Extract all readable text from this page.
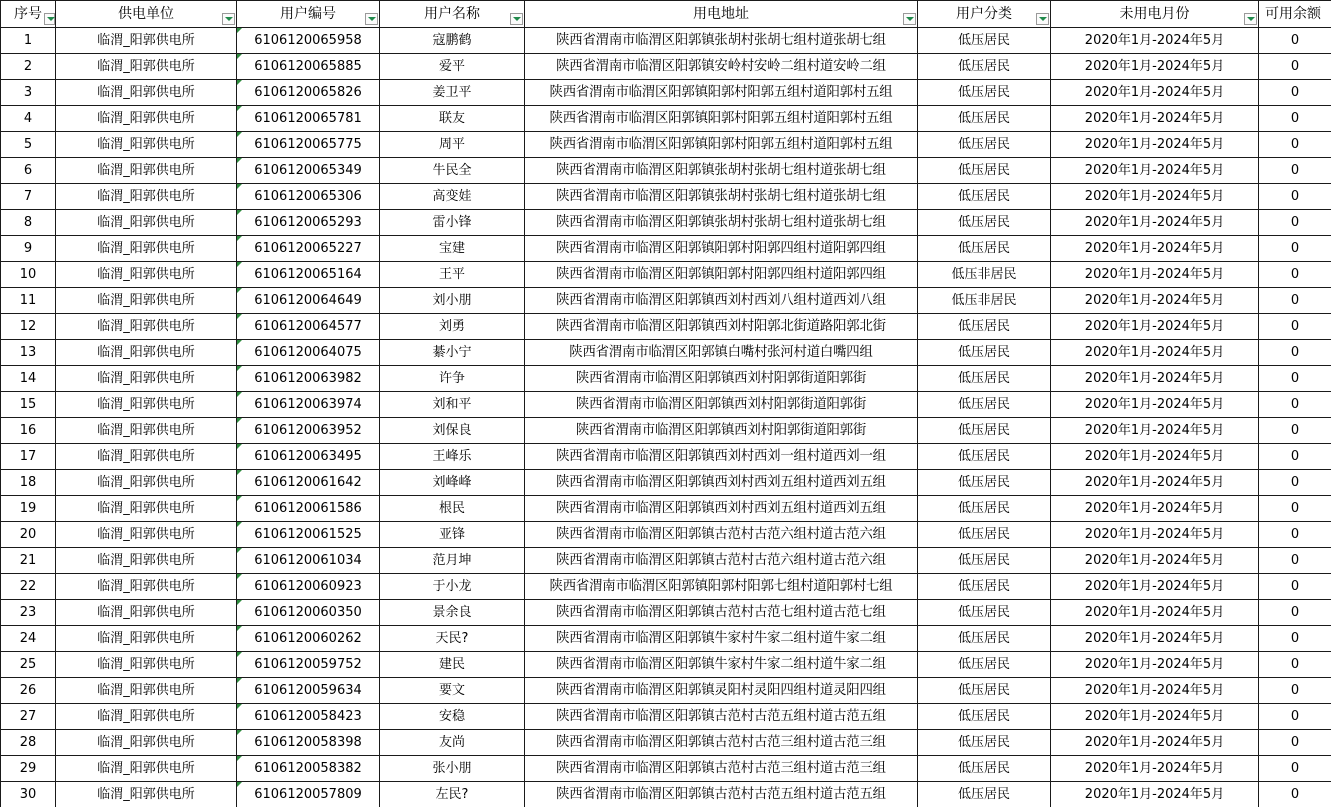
序号	供电单位	用户编号	用户名称	用电地址	用户分类	未用电月份	可用余额
1	临渭_阳郭供电所	6106120065958	寇鹏鹤	陕西省渭南市临渭区阳郭镇张胡村张胡七组村道张胡七组	低压居民	2020年1月-2024年5月	0
2	临渭_阳郭供电所	6106120065885	爱平	陕西省渭南市临渭区阳郭镇安岭村安岭二组村道安岭二组	低压居民	2020年1月-2024年5月	0
3	临渭_阳郭供电所	6106120065826	姜卫平	陕西省渭南市临渭区阳郭镇阳郭村阳郭五组村道阳郭村五组	低压居民	2020年1月-2024年5月	0
4	临渭_阳郭供电所	6106120065781	联友	陕西省渭南市临渭区阳郭镇阳郭村阳郭五组村道阳郭村五组	低压居民	2020年1月-2024年5月	0
5	临渭_阳郭供电所	6106120065775	周平	陕西省渭南市临渭区阳郭镇阳郭村阳郭五组村道阳郭村五组	低压居民	2020年1月-2024年5月	0
6	临渭_阳郭供电所	6106120065349	牛民全	陕西省渭南市临渭区阳郭镇张胡村张胡七组村道张胡七组	低压居民	2020年1月-2024年5月	0
7	临渭_阳郭供电所	6106120065306	高变娃	陕西省渭南市临渭区阳郭镇张胡村张胡七组村道张胡七组	低压居民	2020年1月-2024年5月	0
8	临渭_阳郭供电所	6106120065293	雷小锋	陕西省渭南市临渭区阳郭镇张胡村张胡七组村道张胡七组	低压居民	2020年1月-2024年5月	0
9	临渭_阳郭供电所	6106120065227	宝建	陕西省渭南市临渭区阳郭镇阳郭村阳郭四组村道阳郭四组	低压居民	2020年1月-2024年5月	0
10	临渭_阳郭供电所	6106120065164	王平	陕西省渭南市临渭区阳郭镇阳郭村阳郭四组村道阳郭四组	低压非居民	2020年1月-2024年5月	0
11	临渭_阳郭供电所	6106120064649	刘小朋	陕西省渭南市临渭区阳郭镇西刘村西刘八组村道西刘八组	低压非居民	2020年1月-2024年5月	0
12	临渭_阳郭供电所	6106120064577	刘勇	陕西省渭南市临渭区阳郭镇西刘村阳郭北街道路阳郭北街	低压居民	2020年1月-2024年5月	0
13	临渭_阳郭供电所	6106120064075	綦小宁	陕西省渭南市临渭区阳郭镇白嘴村张河村道白嘴四组	低压居民	2020年1月-2024年5月	0
14	临渭_阳郭供电所	6106120063982	许争	陕西省渭南市临渭区阳郭镇西刘村阳郭街道阳郭街	低压居民	2020年1月-2024年5月	0
15	临渭_阳郭供电所	6106120063974	刘和平	陕西省渭南市临渭区阳郭镇西刘村阳郭街道阳郭街	低压居民	2020年1月-2024年5月	0
16	临渭_阳郭供电所	6106120063952	刘保良	陕西省渭南市临渭区阳郭镇西刘村阳郭街道阳郭街	低压居民	2020年1月-2024年5月	0
17	临渭_阳郭供电所	6106120063495	王峰乐	陕西省渭南市临渭区阳郭镇西刘村西刘一组村道西刘一组	低压居民	2020年1月-2024年5月	0
18	临渭_阳郭供电所	6106120061642	刘峰峰	陕西省渭南市临渭区阳郭镇西刘村西刘五组村道西刘五组	低压居民	2020年1月-2024年5月	0
19	临渭_阳郭供电所	6106120061586	根民	陕西省渭南市临渭区阳郭镇西刘村西刘五组村道西刘五组	低压居民	2020年1月-2024年5月	0
20	临渭_阳郭供电所	6106120061525	亚锋	陕西省渭南市临渭区阳郭镇古范村古范六组村道古范六组	低压居民	2020年1月-2024年5月	0
21	临渭_阳郭供电所	6106120061034	范月坤	陕西省渭南市临渭区阳郭镇古范村古范六组村道古范六组	低压居民	2020年1月-2024年5月	0
22	临渭_阳郭供电所	6106120060923	于小龙	陕西省渭南市临渭区阳郭镇阳郭村阳郭七组村道阳郭村七组	低压居民	2020年1月-2024年5月	0
23	临渭_阳郭供电所	6106120060350	景余良	陕西省渭南市临渭区阳郭镇古范村古范七组村道古范七组	低压居民	2020年1月-2024年5月	0
24	临渭_阳郭供电所	6106120060262	天民?	陕西省渭南市临渭区阳郭镇牛家村牛家二组村道牛家二组	低压居民	2020年1月-2024年5月	0
25	临渭_阳郭供电所	6106120059752	建民	陕西省渭南市临渭区阳郭镇牛家村牛家二组村道牛家二组	低压居民	2020年1月-2024年5月	0
26	临渭_阳郭供电所	6106120059634	要文	陕西省渭南市临渭区阳郭镇灵阳村灵阳四组村道灵阳四组	低压居民	2020年1月-2024年5月	0
27	临渭_阳郭供电所	6106120058423	安稳	陕西省渭南市临渭区阳郭镇古范村古范五组村道古范五组	低压居民	2020年1月-2024年5月	0
28	临渭_阳郭供电所	6106120058398	友尚	陕西省渭南市临渭区阳郭镇古范村古范三组村道古范三组	低压居民	2020年1月-2024年5月	0
29	临渭_阳郭供电所	6106120058382	张小朋	陕西省渭南市临渭区阳郭镇古范村古范三组村道古范三组	低压居民	2020年1月-2024年5月	0
30	临渭_阳郭供电所	6106120057809	左民?	陕西省渭南市临渭区阳郭镇古范村古范五组村道古范五组	低压居民	2020年1月-2024年5月	0
